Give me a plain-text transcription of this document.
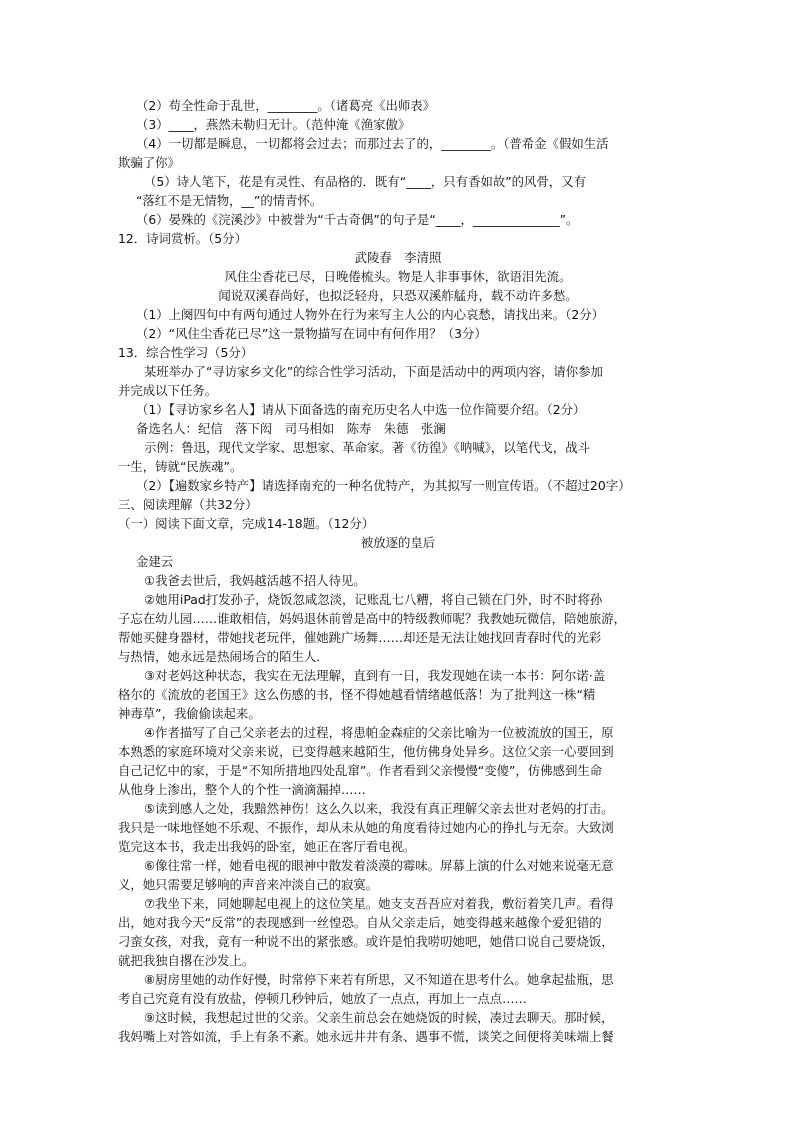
（2）苟全性命于乱世，________。（诸葛亮《出师表》
（3）____，燕然未勒归无计。（范仲淹《渔家傲》
（4）一切都是瞬息，一切都将会过去；而那过去了的，________。（普希金《假如生活
欺骗了你》
（5）诗人笔下，花是有灵性、有品格的．既有“____，只有香如故”的风骨，又有
“落红不是无情物，__”的情青怀。
（6）晏殊的《浣溪沙》中被誉为“千古奇偶”的句子是“____，______________”。
12．诗词赏析。（5分）
武陵春　李清照
风住尘香花已尽，日晚倦梳头。物是人非事事休，欲语泪先流。
闻说双溪春尚好，也拟泛轻舟，只恐双溪舴艋舟，载不动许多愁。
（1）上阕四句中有两句通过人物外在行为来写主人公的内心哀愁，请找出来。（2分）
（2）“风住尘香花已尽”这一景物描写在词中有何作用？（3分）
13．综合性学习（5分）
某班举办了“寻访家乡文化”的综合性学习活动，下面是活动中的两项内容，请你参加
并完成以下任务。
（1）【寻访家乡名人】请从下面备选的南充历史名人中选一位作简要介绍。（2分）
备选名人：纪信　落下闳　司马相如　陈寿　朱德　张澜
示例：鲁迅，现代文学家、思想家、革命家。著《彷徨》《呐喊》，以笔代戈，战斗
一生，铸就“民族魂”。
（2）【遍数家乡特产】请选择南充的一种名优特产，为其拟写一则宣传语。（不超过20字）
三、阅读理解（共32分）
（一）阅读下面文章，完成14-18题。（12分）
被放逐的皇后
金建云
①我爸去世后，我妈越活越不招人待见。
②她用iPad打发孙子，烧饭忽咸忽淡，记账乱七八糟，将自己锁在门外，时不时将孙
子忘在幼儿园……谁敢相信，妈妈退休前曾是高中的特级教师呢？我教她玩微信，陪她旅游，
帮她买健身器材，带她找老玩伴，催她跳广场舞……却还是无法让她找回青春时代的光彩
与热情，她永远是热闹场合的陌生人．
③对老妈这种状态，我实在无法理解，直到有一日，我发现她在读一本书：阿尔诺·盖
格尔的《流放的老国王》这么伤感的书，怪不得她越看情绪越低落！为了批判这一株“精
神毒草”，我偷偷读起来。
④作者描写了自己父亲老去的过程，将患帕金森症的父亲比喻为一位被流放的国王，原
本熟悉的家庭环境对父亲来说，已变得越来越陌生，他仿佛身处异乡。这位父亲一心要回到
自己记忆中的家，于是“不知所措地四处乱窜”。作者看到父亲慢慢“变傻”，仿佛感到生命
从他身上渗出，整个人的个性一滴滴漏掉……
⑤读到感人之处，我黯然神伤！这么久以来，我没有真正理解父亲去世对老妈的打击。
我只是一味地怪她不乐观、不振作，却从未从她的角度看待过她内心的挣扎与无奈。大致浏
览完这本书，我走出我妈的卧室，她正在客厅看电视。
⑥像往常一样，她看电视的眼神中散发着淡漠的霉味。屏幕上演的什么对她来说毫无意
义，她只需要足够响的声音来冲淡自己的寂寞。
⑦我坐下来，同她聊起电视上的这位笑星。她支支吾吾应对着我，敷衍着笑几声。看得
出，她对我今天“反常”的表现感到一丝惶恐。自从父亲走后，她变得越来越像个爱犯错的
刁蛮女孩，对我，竟有一种说不出的紧张感。或许是怕我唠叨她吧，她借口说自己要烧饭，
就把我独自撂在沙发上。
⑧厨房里她的动作好慢，时常停下来若有所思，又不知道在思考什么。她拿起盐瓶，思
考自己究竟有没有放盐，停顿几秒钟后，她放了一点点，再加上一点点……
⑨这时候，我想起过世的父亲。父亲生前总会在她烧饭的时候，凑过去聊天。那时候，
我妈嘴上对答如流，手上有条不紊。她永远井井有条、遇事不慌，谈笑之间便将美味端上餐
